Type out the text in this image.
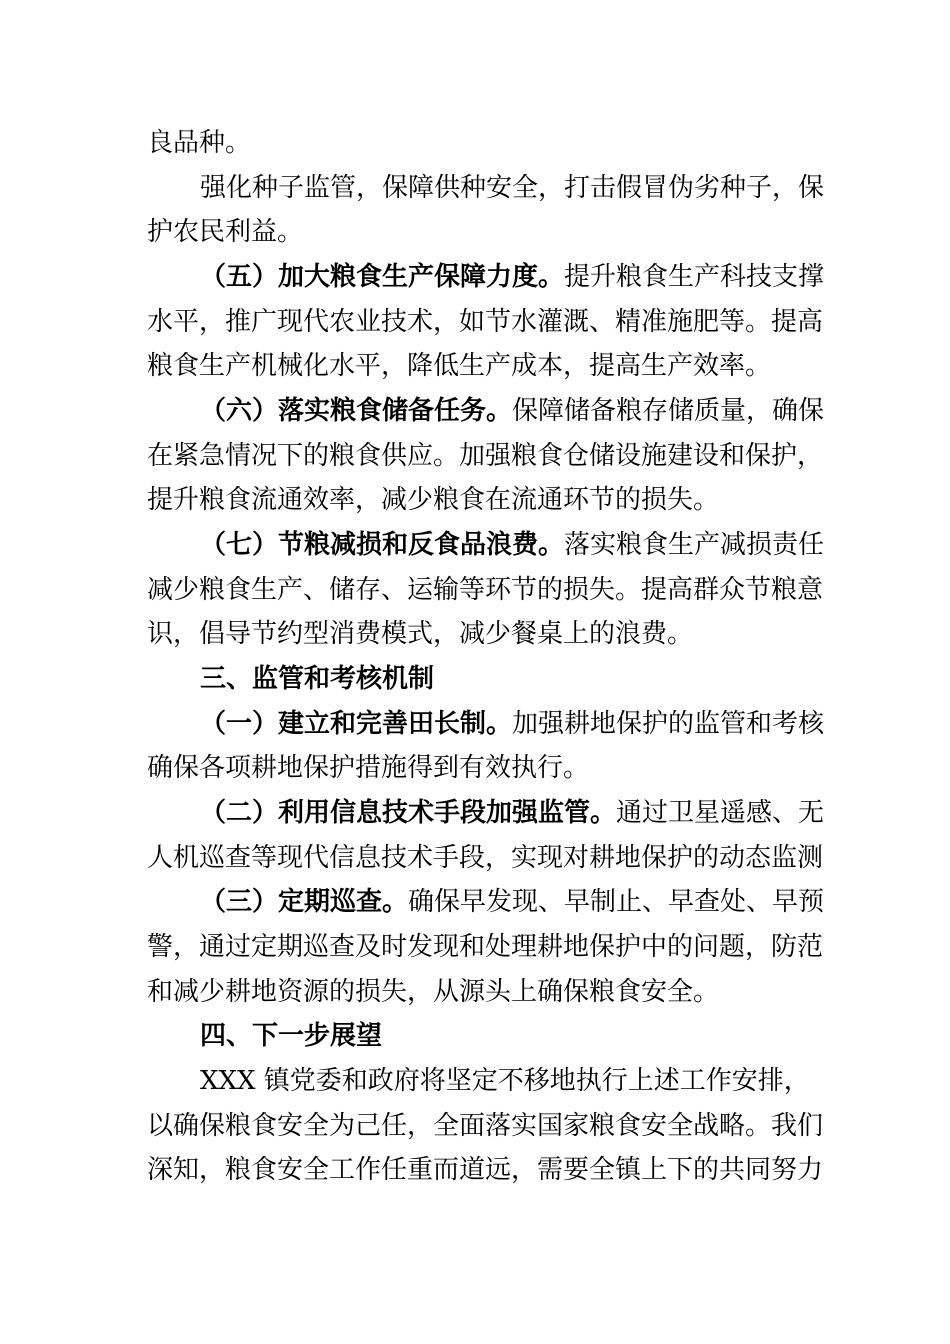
良品种。
强化种子监管，保障供种安全，打击假冒伪劣种子，保
护农民利益。
（五）加大粮食生产保障力度。提升粮食生产科技支撑
水平，推广现代农业技术，如节水灌溉、精准施肥等。提高
粮食生产机械化水平，降低生产成本，提高生产效率。
（六）落实粮食储备任务。保障储备粮存储质量，确保
在紧急情况下的粮食供应。加强粮食仓储设施建设和保护，
提升粮食流通效率，减少粮食在流通环节的损失。
（七）节粮减损和反食品浪费。落实粮食生产减损责任
减少粮食生产、储存、运输等环节的损失。提高群众节粮意
识，倡导节约型消费模式，减少餐桌上的浪费。
三、监管和考核机制
（一）建立和完善田长制。加强耕地保护的监管和考核
确保各项耕地保护措施得到有效执行。
（二）利用信息技术手段加强监管。通过卫星遥感、无
人机巡查等现代信息技术手段，实现对耕地保护的动态监测
（三）定期巡查。确保早发现、早制止、早查处、早预
警，通过定期巡查及时发现和处理耕地保护中的问题，防范
和减少耕地资源的损失，从源头上确保粮食安全。
四、下一步展望
XXX 镇党委和政府将坚定不移地执行上述工作安排，
以确保粮食安全为己任，全面落实国家粮食安全战略。我们
深知，粮食安全工作任重而道远，需要全镇上下的共同努力
